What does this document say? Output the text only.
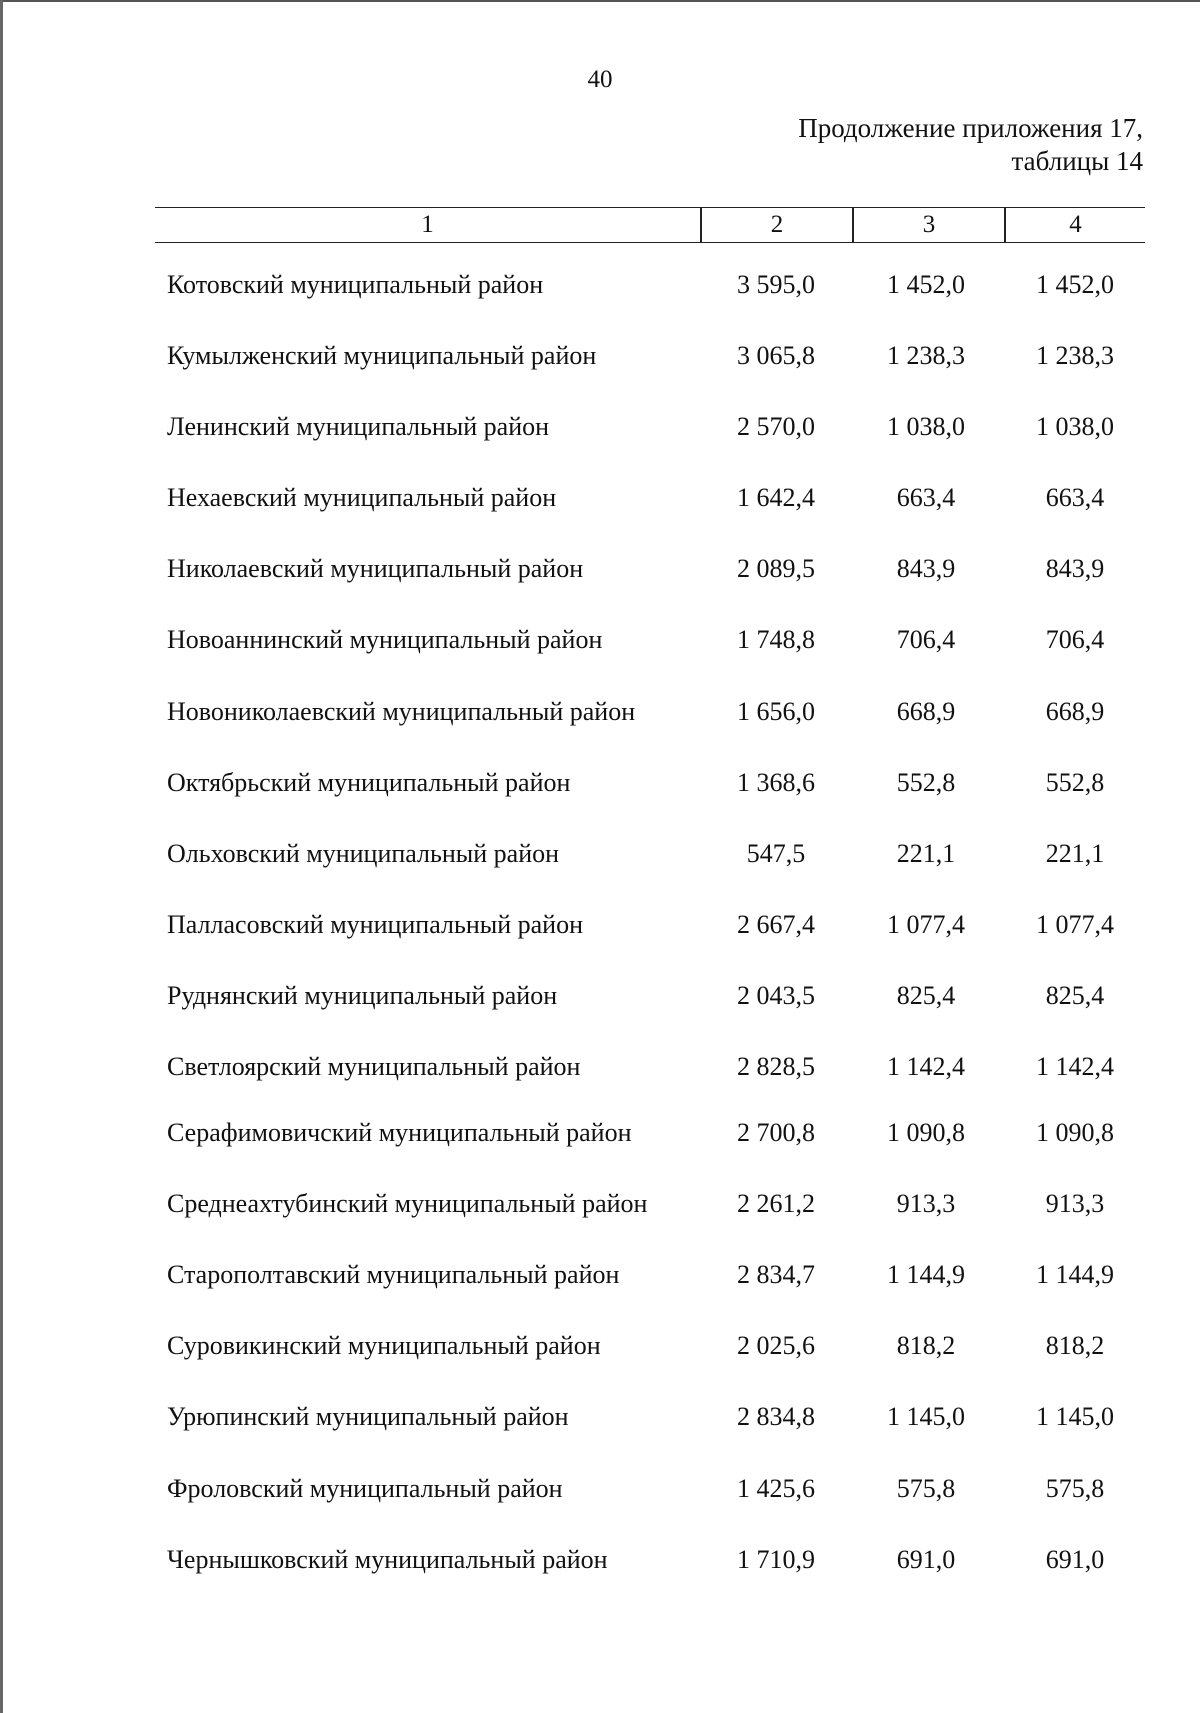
40
Продолжение приложения 17,
таблицы 14
1	2	3	4
Котовский муниципальный район	3 595,0	1 452,0	1 452,0
Кумылженский муниципальный район	3 065,8	1 238,3	1 238,3
Ленинский муниципальный район	2 570,0	1 038,0	1 038,0
Нехаевский муниципальный район	1 642,4	663,4	663,4
Николаевский муниципальный район	2 089,5	843,9	843,9
Новоаннинский муниципальный район	1 748,8	706,4	706,4
Новониколаевский муниципальный район	1 656,0	668,9	668,9
Октябрьский муниципальный район	1 368,6	552,8	552,8
Ольховский муниципальный район	547,5	221,1	221,1
Палласовский муниципальный район	2 667,4	1 077,4	1 077,4
Руднянский муниципальный район	2 043,5	825,4	825,4
Светлоярский муниципальный район	2 828,5	1 142,4	1 142,4
Серафимовичский муниципальный район	2 700,8	1 090,8	1 090,8
Среднеахтубинский муниципальный район	2 261,2	913,3	913,3
Старополтавский муниципальный район	2 834,7	1 144,9	1 144,9
Суровикинский муниципальный район	2 025,6	818,2	818,2
Урюпинский муниципальный район	2 834,8	1 145,0	1 145,0
Фроловский муниципальный район	1 425,6	575,8	575,8
Чернышковский муниципальный район	1 710,9	691,0	691,0
